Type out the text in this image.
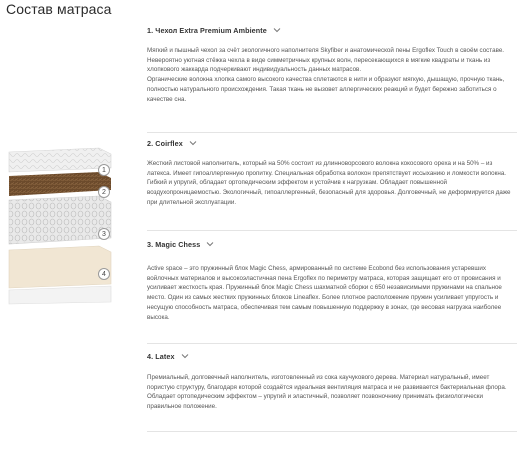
Состав матраса
1
2
3
4
1. Чехол Extra Premium Ambiente

Мягкий и пышный чехол за счёт экологичного наполнителя Skyfiber и анатомической пены Ergoflex Touch в своём составе. Невероятно уютная стёжка чехла в виде симметричных крупных волн, пересекающихся в мягкие квадраты и ткань из хлопкового жаккарда подчеркивают индивидуальность данных матрасов.

Органические волокна хлопка самого высокого качества сплетаются в нити и образуют мягкую, дышащую, прочную ткань, полностью натурального происхождения. Такая ткань не вызовет аллергических реакций и будет бережно заботиться о качестве сна.

2. Coirflex

Жесткий листовой наполнитель, который на 50% состоит из длинноворсового волокна кокосового ореха и на 50% – из латекса. Имеет гипоаллергенную пропитку. Специальная обработка волокон препятствует иссыханию и ломкости волокна. Гибкий и упругий, обладает ортопедическим эффектом и устойчив к нагрузкам. Обладает повышенной воздухопроницаемостью. Экологичный, гипоаллергенный, безопасный для здоровья. Долговечный, не деформируется даже при длительной эксплуатации.

3. Magic Chess

Active space – это пружинный блок Magic Chess, армированный по системе Ecobond без использования устаревших войлочных материалов и высокоэластичная пена Ergoflex по периметру матраса, которая защищает его от провисания и усиливает жесткость края. Пружинный блок Magic Chess шахматной сборки с 650 независимыми пружинами на спальное место. Один из самых жестких пружинных блоков Lineaflex. Более плотное расположение пружин усиливает упругость и несущую способность матраса, обеспечивая тем самым повышенную поддержку в зонах, где весовая нагрузка наиболее высока.

4. Latex

Премиальный, долговечный наполнитель, изготовленный из сока каучукового дерева. Материал натуральный, имеет пористую структуру, благодаря которой создаётся идеальная вентиляция матраса и не развивается бактериальная флора. Обладает ортопедическим эффектом – упругий и эластичный, позволяет позвоночнику принимать физиологически правильное положение.
